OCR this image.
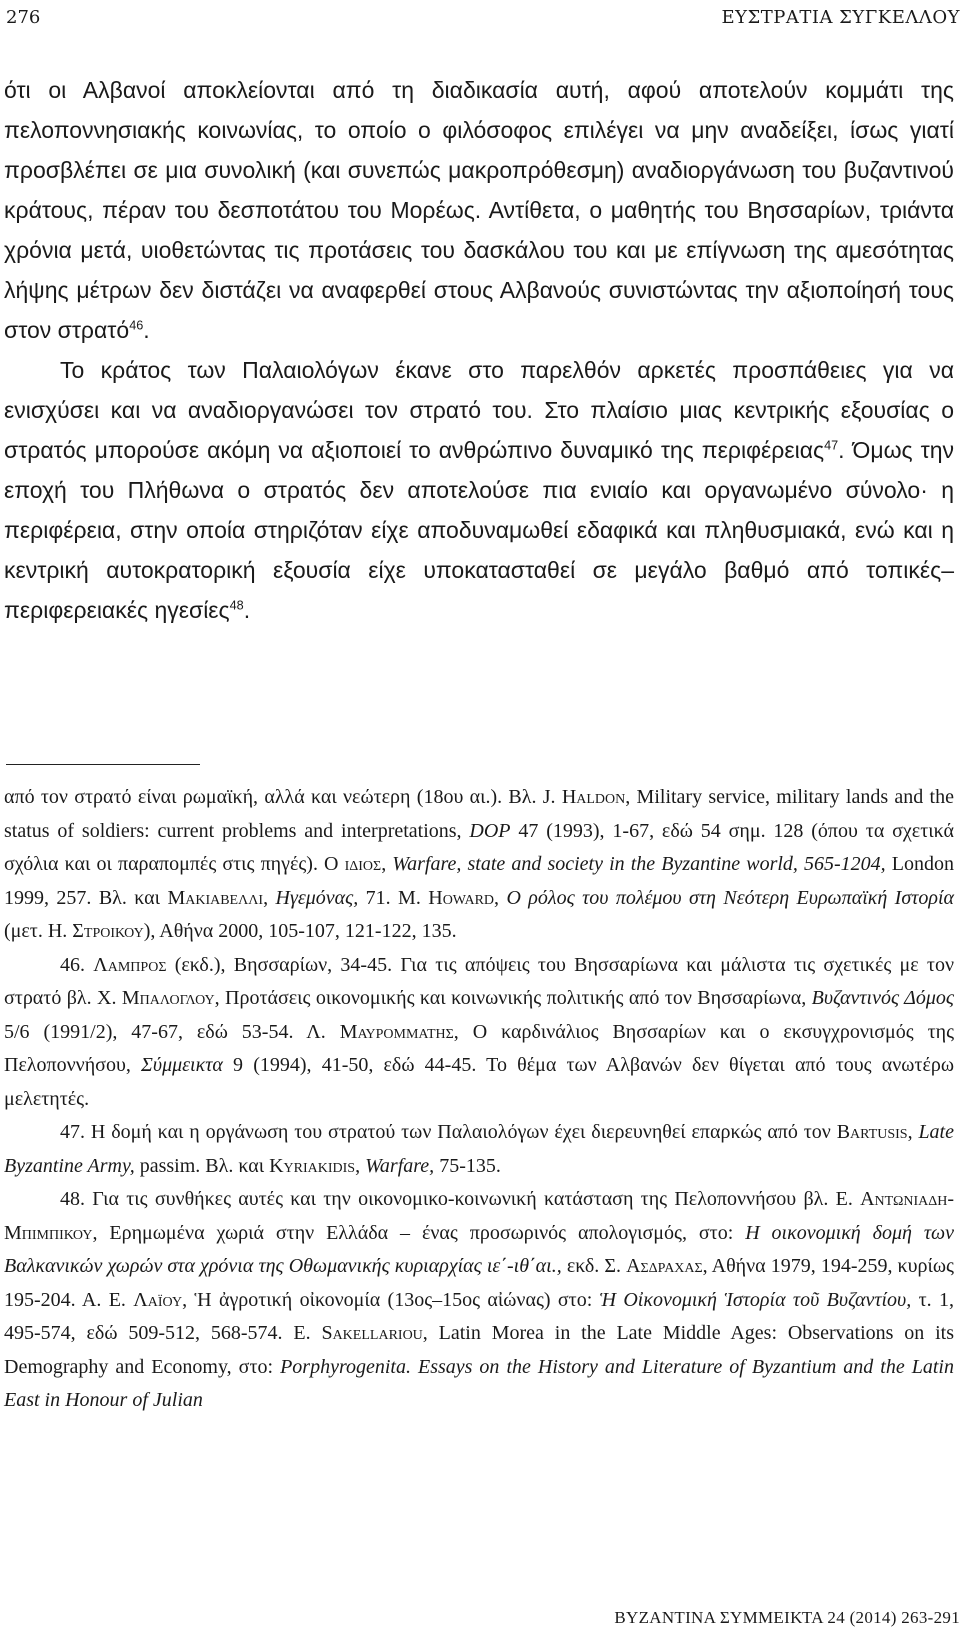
276	ΕΥΣΤΡΑΤΙΑ ΣΥΓΚΕΛΛΟΥ

ότι οι Αλβανοί αποκλείονται από τη διαδικασία αυτή, αφού αποτελούν κομμάτι της πελοποννησιακής κοινωνίας, το οποίο ο φιλόσοφος επιλέγει να μην αναδείξει, ίσως γιατί προσβλέπει σε μια συνολική (και συνεπώς μακροπρόθεσμη) αναδιοργάνωση του βυζαντινού κράτους, πέραν του δεσποτάτου του Μορέως. Αντίθετα, ο μαθητής του Βησσαρίων, τριάντα χρόνια μετά, υιοθετώντας τις προτάσεις του δασκάλου του και με επίγνωση της αμεσότητας λήψης μέτρων δεν διστάζει να αναφερθεί στους Αλβανούς συνιστώντας την αξιοποίησή τους στον στρατό$^{46}$.

Το κράτος των Παλαιολόγων έκανε στο παρελθόν αρκετές προσπάθειες για να ενισχύσει και να αναδιοργανώσει τον στρατό του. Στο πλαίσιο μιας κεντρικής εξουσίας ο στρατός μπορούσε ακόμη να αξιοποιεί το ανθρώπινο δυναμικό της περιφέρειας$^{47}$. Όμως την εποχή του Πλήθωνα ο στρατός δεν αποτελούσε πια ενιαίο και οργανωμένο σύνολο· η περιφέρεια, στην οποία στηριζόταν είχε αποδυναμωθεί εδαφικά και πληθυσμιακά, ενώ και η κεντρική αυτοκρατορική εξουσία είχε υποκατασταθεί σε μεγάλο βαθμό από τοπικές–περιφερειακές ηγεσίες$^{48}$.

από τον στρατό είναι ρωμαϊκή, αλλά και νεώτερη (18ου αι.). Βλ. J. Haldon, Military service, military lands and the status of soldiers: current problems and interpretations, DOP 47 (1993), 1-67, εδώ 54 σημ. 128 (όπου τα σχετικά σχόλια και οι παραπομπές στις πηγές). Ο ιδιος, Warfare, state and society in the Byzantine world, 565-1204, London 1999, 257. Βλ. και Μακιαβελλι, Ηγεμόνας, 71. M. Howard, Ο ρόλος του πολέμου στη Νεότερη Ευρωπαϊκή Ιστορία (μετ. Η. Στροικου), Αθήνα 2000, 105-107, 121-122, 135.

46. Λαμπρος (εκδ.), Βησσαρίων, 34-45. Για τις απόψεις του Βησσαρίωνα και μάλιστα τις σχετικές με τον στρατό βλ. Χ. Μπαλογλου, Προτάσεις οικονομικής και κοινωνικής πολιτικής από τον Βησσαρίωνα, Βυζαντινός Δόμος 5/6 (1991/2), 47-67, εδώ 53-54. Λ. Μαυρομματης, Ο καρδινάλιος Βησσαρίων και ο εκσυγχρονισμός της Πελοποννήσου, Σύμμεικτα 9 (1994), 41-50, εδώ 44-45. Το θέμα των Αλβανών δεν θίγεται από τους ανωτέρω μελετητές.

47. Η δομή και η οργάνωση του στρατού των Παλαιολόγων έχει διερευνηθεί επαρκώς από τον Bartusis, Late Byzantine Army, passim. Βλ. και Kyriakidis, Warfare, 75-135.

48. Για τις συνθήκες αυτές και την οικονομικο-κοινωνική κατάσταση της Πελοποννήσου βλ. Ε. Αντωνιαδη-Μπιμπικου, Ερημωμένα χωριά στην Ελλάδα – ένας προσωρινός απολογισμός, στο: Η οικονομική δομή των Βαλκανικών χωρών στα χρόνια της Οθωμανικής κυριαρχίας ιε΄-ιθ΄αι., εκδ. Σ. Ασδραχας, Αθήνα 1979, 194-259, κυρίως 195-204. Α. Ε. Λαϊου, Ἡ ἀγροτική οἰκονομία (13ος–15ος αἰώνας) στο: Ἡ Οἰκονομική Ἱστορία τοῦ Βυζαντίου, τ. 1, 495-574, εδώ 509-512, 568-574. E. Sakellariou, Latin Morea in the Late Middle Ages: Observations on its Demography and Economy, στο: Porphyrogenita. Essays on the History and Literature of Byzantium and the Latin East in Honour of Julian

ΒΥΖΑΝΤΙΝΑ ΣΥΜΜΕΙΚΤΑ 24 (2014) 263-291
